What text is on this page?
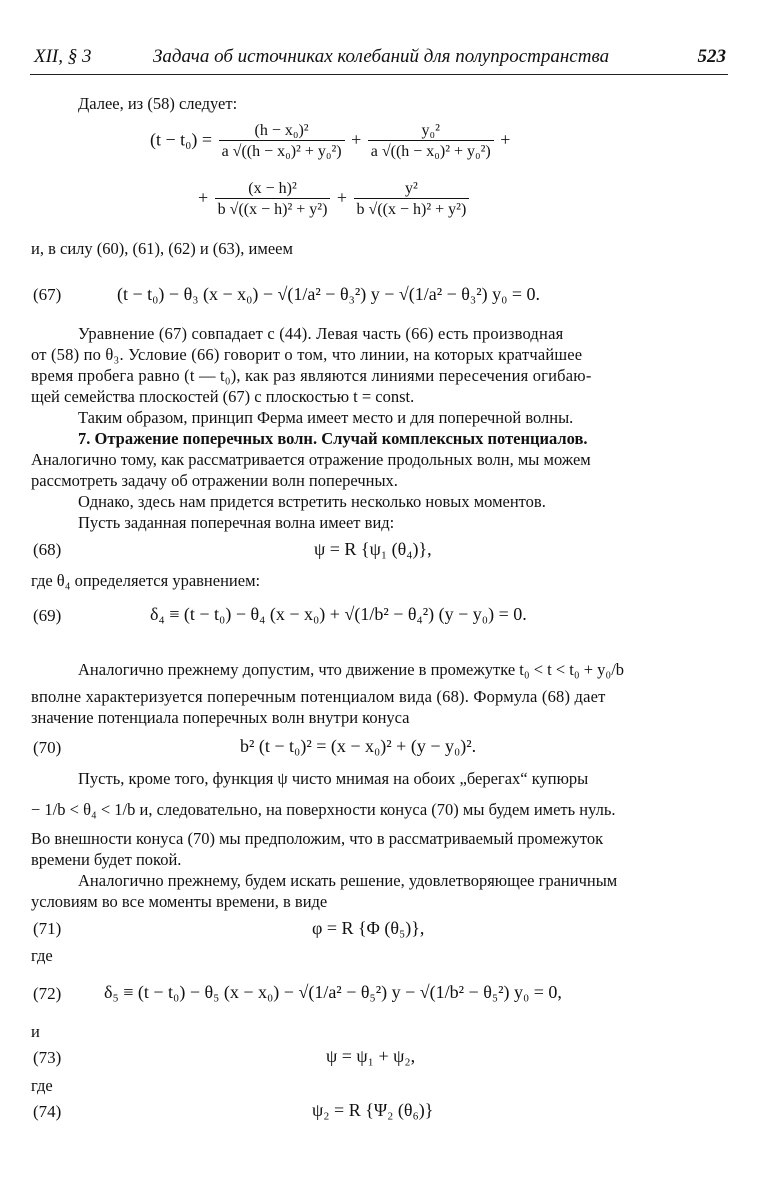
XII, § 3	Задача об источниках колебаний для полупространства	523
Далее, из (58) следует:
$(t - t_0) = \frac{\text{(h − x₀)²}}{\text{a √((h − x₀)² + y₀²)}} + \frac{\text{y₀²}}{\text{a √((h − x₀)² + y₀²)}}$ +
+ $\frac{\text{(x − h)²}}{\text{b √((x − h)² + y²)}} + \frac{\text{y²}}{\text{b √((x − h)² + y²)}}$
и, в силу (60), (61), (62) и (63), имеем
(67)	(t − t₀) − θ₃ (x − x₀) − √(1/a² − θ₃²) y − √(1/a² − θ₃²) y₀ = 0.
Уравнение (67) совпадает с (44). Левая часть (66) есть производная
от (58) по θ₃. Условие (66) говорит о том, что линии, на которых кратчайшее
время пробега равно (t — t₀), как раз являются линиями пересечения огибаю-
щей семейства плоскостей (67) с плоскостью t = const.
Таким образом, принцип Ферма имеет место и для поперечной волны.
7. Отражение поперечных волн. Случай комплексных потенциалов.
Аналогично тому, как рассматривается отражение продольных волн, мы можем
рассмотреть задачу об отражении волн поперечных.
Однако, здесь нам придется встретить несколько новых моментов.
Пусть заданная поперечная волна имеет вид:
(68)	ψ = R {ψ₁ (θ₄)},
где θ₄ определяется уравнением:
(69)	δ₄ ≡ (t − t₀) − θ₄ (x − x₀) + √(1/b² − θ₄²) (y − y₀) = 0.
Аналогично прежнему допустим, что движение в промежутке t₀ < t < t₀ + y₀/b
вполне характеризуется поперечным потенциалом вида (68). Формула (68) дает
значение потенциала поперечных волн внутри конуса
(70)	b² (t − t₀)² = (x − x₀)² + (y − y₀)².
Пусть, кроме того, функция ψ чисто мнимая на обоих „берегах“ купюры
− 1/b < θ₄ < 1/b и, следовательно, на поверхности конуса (70) мы будем иметь нуль.
Во внешности конуса (70) мы предположим, что в рассматриваемый промежуток
времени будет покой.
Аналогично прежнему, будем искать решение, удовлетворяющее граничным
условиям во все моменты времени, в виде
(71)	φ = R {Φ (θ₅)},
где
(72) δ₅ ≡ (t − t₀) − θ₅ (x − x₀) − √(1/a² − θ₅²) y − √(1/b² − θ₅²) y₀ = 0,
и
(73)	ψ = ψ₁ + ψ₂,
где
(74)	ψ₂ = R {Ψ₂ (θ₆)}
